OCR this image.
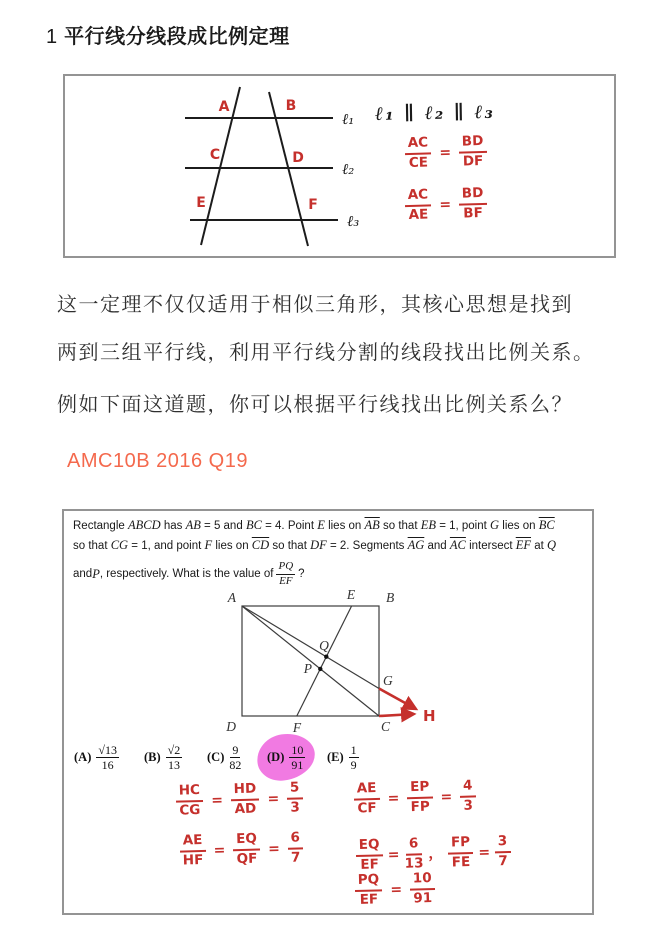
1 平行线分线段成比例定理
ℓ₁
ℓ₂
ℓ₃
A	B
C	D
E	F
ℓ₁ ∥ ℓ₂ ∥ ℓ₃
$\frac{AC}{CE} = \frac{BD}{DF}$
$\frac{AC}{AE} = \frac{BD}{BF}$
这一定理不仅仅适用于相似三角形，其核心思想是找到
两到三组平行线，利用平行线分割的线段找出比例关系。
例如下面这道题，你可以根据平行线找出比例关系么？
AMC10B 2016 Q19
Rectangle ABCD has AB = 5 and BC = 4. Point E lies on $\overline{AB}$ so that EB = 1, point G lies on $\overline{BC}$
so that CG = 1, and point F lies on $\overline{CD}$ so that DF = 2. Segments $\overline{AG}$ and $\overline{AC}$ intersect $\overline{EF}$ at Q
and P , respectively. What is the value of
PQ
EF
?
A	E B
Q
P
G
D	F	C
H
$(A) \frac{√13}{16} (B) \frac{√2}{13} (C) \frac{9}{82} (D) \frac{10}{91} (E) \frac{1}{9}$
$\frac{HC}{CG} = \frac{HD}{AD} = \frac{5}{3}$
$\frac{AE}{HF} = \frac{EQ}{QF} = \frac{6}{7}$
$\frac{AE}{CF} = \frac{EP}{FP} = \frac{4}{3}$
$\frac{EQ}{EF} = \frac{6}{13}$ ， $\frac{FP}{FE} = \frac{3}{7}$
$\frac{PQ}{EF} = \frac{10}{91}$
